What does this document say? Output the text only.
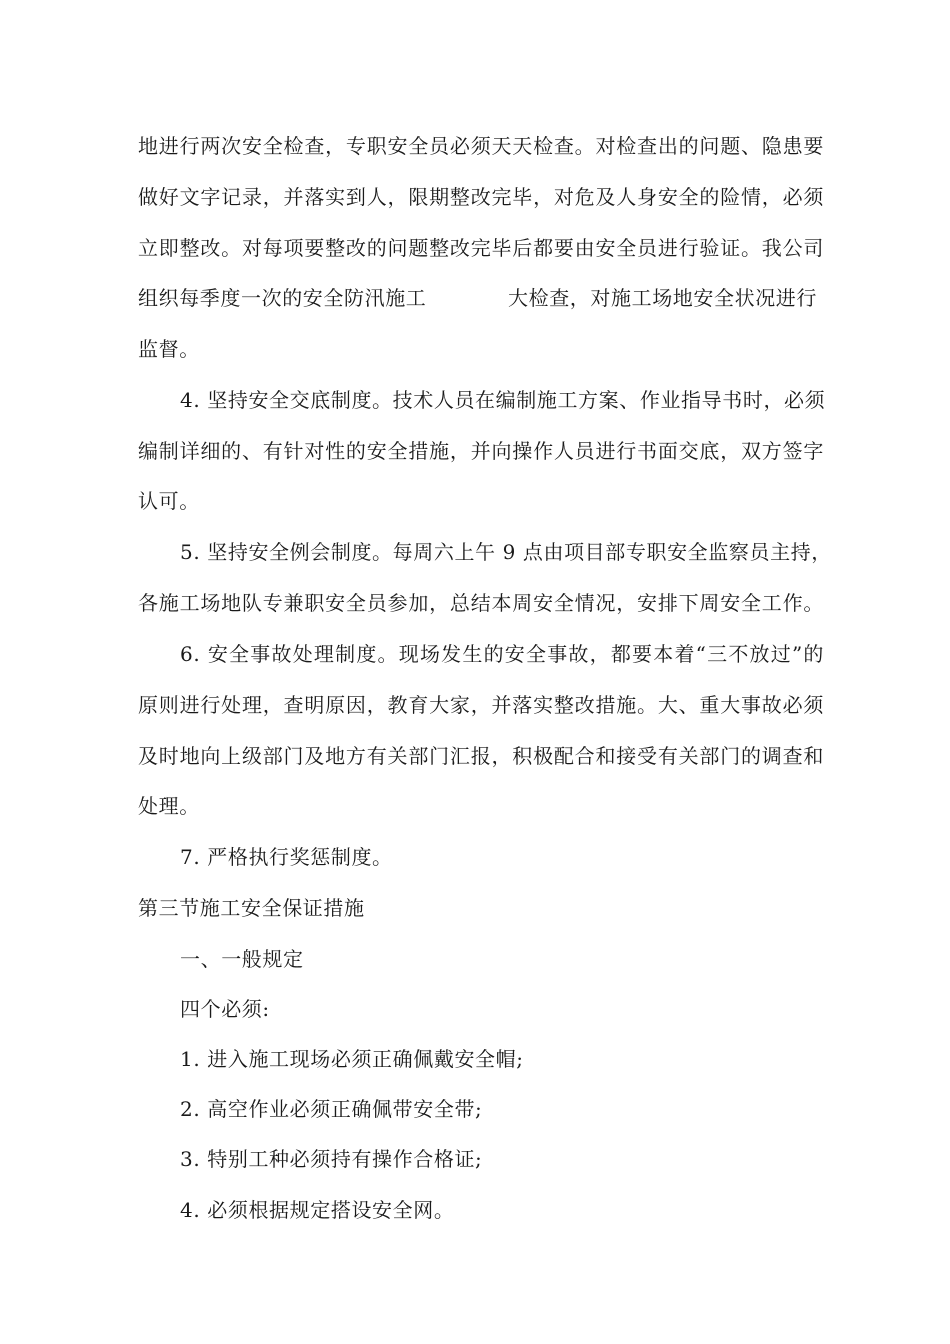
地进行两次安全检查，专职安全员必须天天检查。对检查出的问题、隐患要
做好文字记录，并落实到人，限期整改完毕，对危及人身安全的险情，必须
立即整改。对每项要整改的问题整改完毕后都要由安全员进行验证。我公司
组织每季度一次的安全防汛施工	大检查，对施工场地安全状况进行
监督。
4. 坚持安全交底制度。技术人员在编制施工方案、作业指导书时，必须
编制详细的、有针对性的安全措施，并向操作人员进行书面交底，双方签字
认可。
5. 坚持安全例会制度。每周六上午 9 点由项目部专职安全监察员主持，
各施工场地队专兼职安全员参加，总结本周安全情况，安排下周安全工作。
6. 安全事故处理制度。现场发生的安全事故，都要本着“三不放过”的
原则进行处理，查明原因，教育大家，并落实整改措施。大、重大事故必须
及时地向上级部门及地方有关部门汇报，积极配合和接受有关部门的调查和
处理。
7. 严格执行奖惩制度。
第三节施工安全保证措施
一、一般规定
四个必须:
1. 进入施工现场必须正确佩戴安全帽;
2. 高空作业必须正确佩带安全带;
3. 特别工种必须持有操作合格证;
4. 必须根据规定搭设安全网。
